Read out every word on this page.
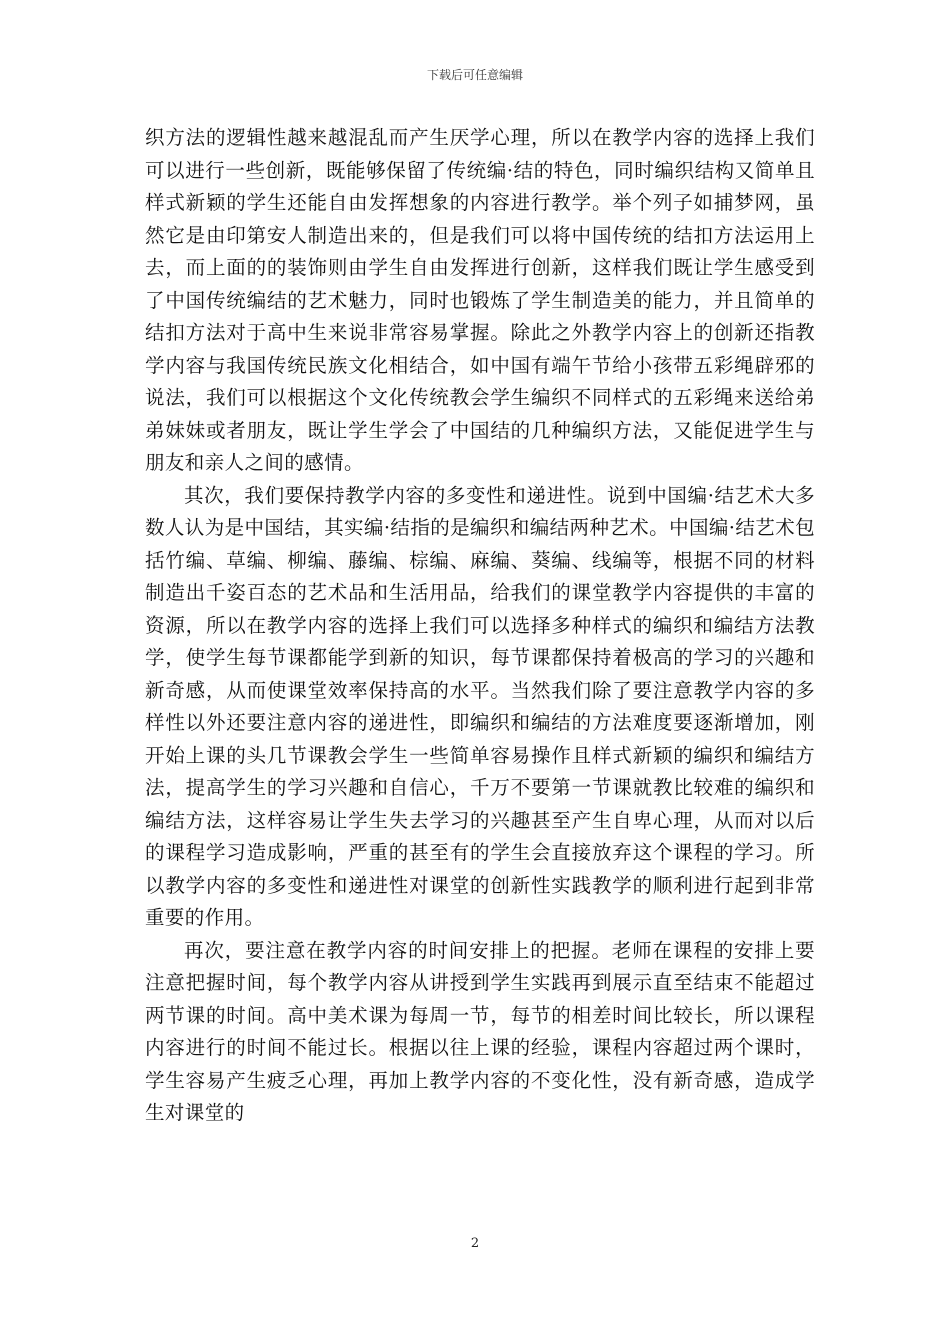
下载后可任意编辑

织方法的逻辑性越来越混乱而产生厌学心理，所以在教学内容的选择上我们可以进行一些创新，既能够保留了传统编·结的特色，同时编织结构又简单且样式新颖的学生还能自由发挥想象的内容进行教学。举个列子如捕梦网，虽然它是由印第安人制造出来的，但是我们可以将中国传统的结扣方法运用上去，而上面的的装饰则由学生自由发挥进行创新，这样我们既让学生感受到了中国传统编结的艺术魅力，同时也锻炼了学生制造美的能力，并且简单的结扣方法对于高中生来说非常容易掌握。除此之外教学内容上的创新还指教学内容与我国传统民族文化相结合，如中国有端午节给小孩带五彩绳辟邪的说法，我们可以根据这个文化传统教会学生编织不同样式的五彩绳来送给弟弟妹妹或者朋友，既让学生学会了中国结的几种编织方法，又能促进学生与朋友和亲人之间的感情。

其次，我们要保持教学内容的多变性和递进性。说到中国编·结艺术大多数人认为是中国结，其实编·结指的是编织和编结两种艺术。中国编·结艺术包括竹编、草编、柳编、藤编、棕编、麻编、葵编、线编等，根据不同的材料制造出千姿百态的艺术品和生活用品，给我们的课堂教学内容提供的丰富的资源，所以在教学内容的选择上我们可以选择多种样式的编织和编结方法教学，使学生每节课都能学到新的知识，每节课都保持着极高的学习的兴趣和新奇感，从而使课堂效率保持高的水平。当然我们除了要注意教学内容的多样性以外还要注意内容的递进性，即编织和编结的方法难度要逐渐增加，刚开始上课的头几节课教会学生一些简单容易操作且样式新颖的编织和编结方法，提高学生的学习兴趣和自信心，千万不要第一节课就教比较难的编织和编结方法，这样容易让学生失去学习的兴趣甚至产生自卑心理，从而对以后的课程学习造成影响，严重的甚至有的学生会直接放弃这个课程的学习。所以教学内容的多变性和递进性对课堂的创新性实践教学的顺利进行起到非常重要的作用。

再次，要注意在教学内容的时间安排上的把握。老师在课程的安排上要注意把握时间，每个教学内容从讲授到学生实践再到展示直至结束不能超过两节课的时间。高中美术课为每周一节，每节的相差时间比较长，所以课程内容进行的时间不能过长。根据以往上课的经验，课程内容超过两个课时，学生容易产生疲乏心理，再加上教学内容的不变化性，没有新奇感，造成学生对课堂的

2
